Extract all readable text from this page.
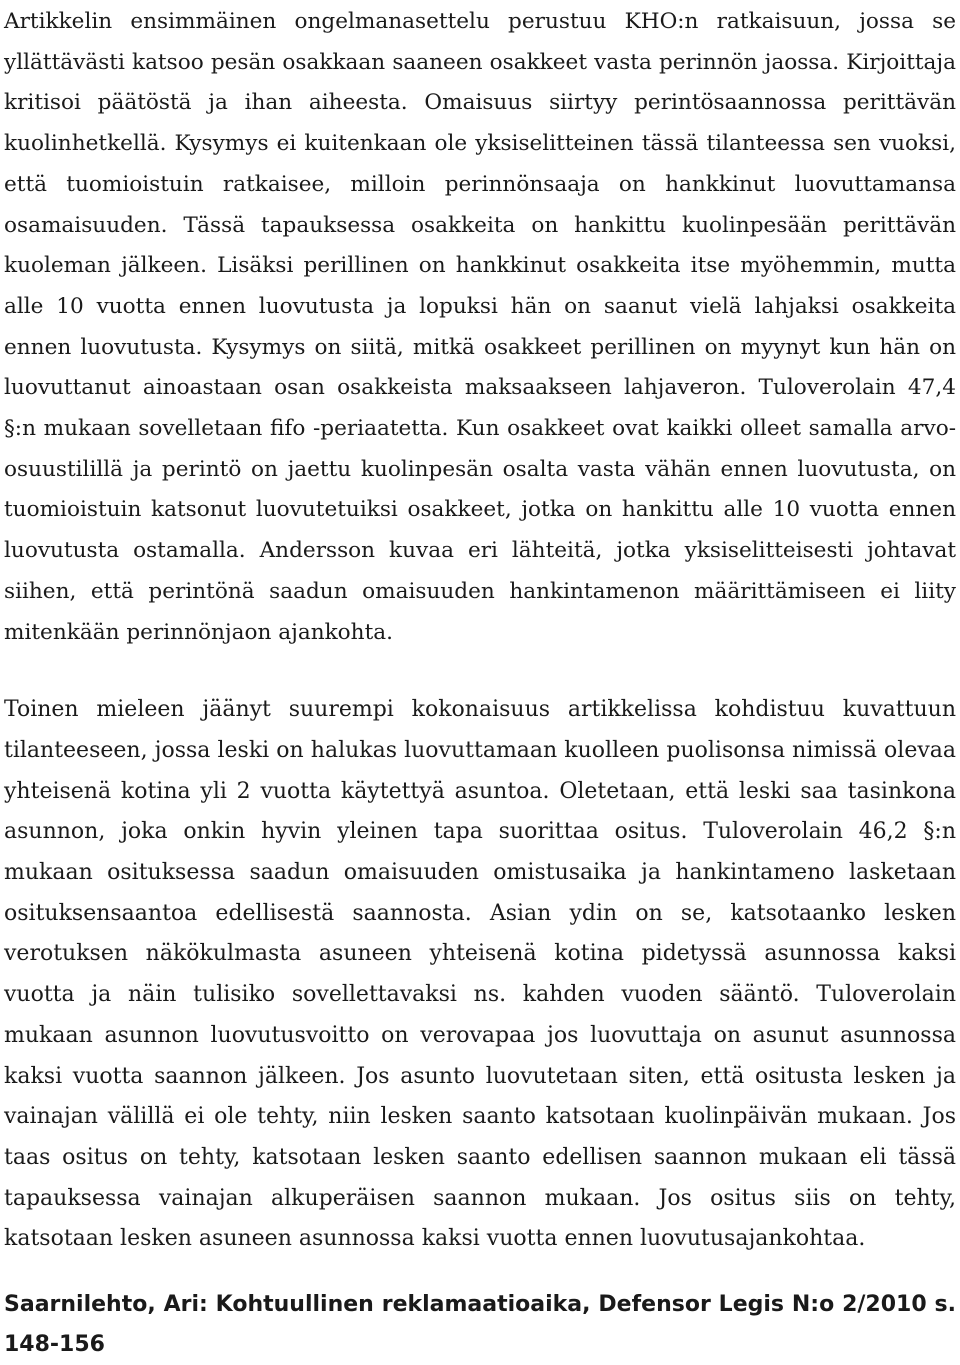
Artikkelin ensimmäinen ongelmanasettelu perustuu KHO:n ratkaisuun, jossa se yllättävästi katsoo pesän osakkaan saaneen osakkeet vasta perinnön jaossa. Kirjoittaja kritisoi päätöstä ja ihan aiheesta. Omaisuus siirtyy perintösaannossa perittävän kuolinhetkellä. Kysymys ei kuitenkaan ole yksiselitteinen tässä tilanteessa sen vuoksi, että tuomioistuin ratkaisee, milloin perinnönsaaja on hankkinut luovuttamansa osamaisuuden. Tässä tapauksessa osakkeita on hankittu kuolinpesään perittävän kuoleman jälkeen. Lisäksi perillinen on hankkinut osakkeita itse myöhemmin, mutta alle 10 vuotta ennen luovutusta ja lopuksi hän on saanut vielä lahjaksi osakkeita ennen luovutusta. Kysymys on siitä, mitkä osakkeet perillinen on myynyt kun hän on luovuttanut ainoastaan osan osakkeista maksaakseen lahjaveron. Tuloverolain 47,4 §:n mukaan sovelletaan fifo -periaatetta. Kun osakkeet ovat kaikki olleet samalla arvo-osuustilillä ja perintö on jaettu kuolinpesän osalta vasta vähän ennen luovutusta, on tuomioistuin katsonut luovutetuiksi osakkeet, jotka on hankittu alle 10 vuotta ennen luovutusta ostamalla. Andersson kuvaa eri lähteitä, jotka yksiselitteisesti johtavat siihen, että perintönä saadun omaisuuden hankintamenon määrittämiseen ei liity mitenkään perinnönjaon ajankohta.

Toinen mieleen jäänyt suurempi kokonaisuus artikkelissa kohdistuu kuvattuun tilanteeseen, jossa leski on halukas luovuttamaan kuolleen puolisonsa nimissä olevaa yhteisenä kotina yli 2 vuotta käytettyä asuntoa. Oletetaan, että leski saa tasinkona asunnon, joka onkin hyvin yleinen tapa suorittaa ositus. Tuloverolain 46,2 §:n mukaan osituksessa saadun omaisuuden omistusaika ja hankintameno lasketaan osituksensaantoa edellisestä saannosta. Asian ydin on se, katsotaanko lesken verotuksen näkökulmasta asuneen yhteisenä kotina pidetyssä asunnossa kaksi vuotta ja näin tulisiko sovellettavaksi ns. kahden vuoden sääntö. Tuloverolain mukaan asunnon luovutusvoitto on verovapaa jos luovuttaja on asunut asunnossa kaksi vuotta saannon jälkeen. Jos asunto luovutetaan siten, että ositusta lesken ja vainajan välillä ei ole tehty, niin lesken saanto katsotaan kuolinpäivän mukaan. Jos taas ositus on tehty, katsotaan lesken saanto edellisen saannon mukaan eli tässä tapauksessa vainajan alkuperäisen saannon mukaan. Jos ositus siis on tehty, katsotaan lesken asuneen asunnossa kaksi vuotta ennen luovutusajankohtaa.

Saarnilehto, Ari: Kohtuullinen reklamaatioaika, Defensor Legis N:o 2/2010 s. 148-156
